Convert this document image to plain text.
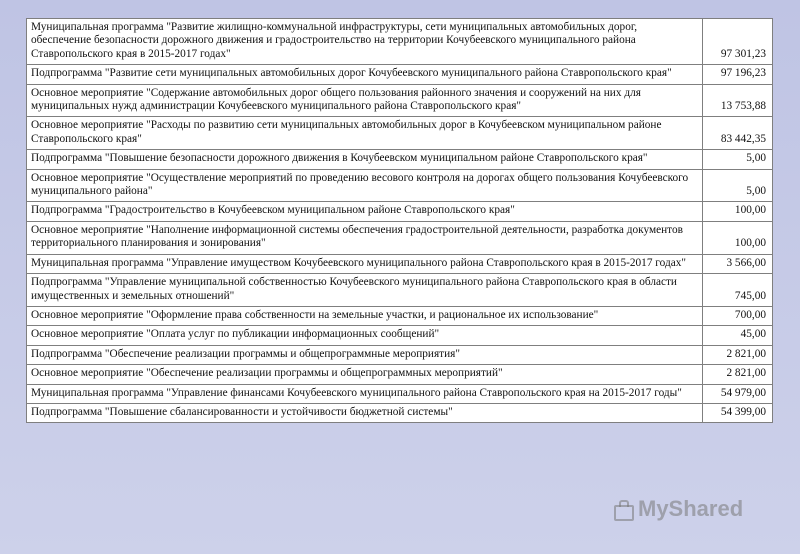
Муниципальная программа "Развитие жилищно-коммунальной инфраструктуры, сети муниципальных автомобильных дорог, обеспечение безопасности дорожного движения и градостроительство на территории Кочубеевского муниципального района Ставропольского края в 2015-2017 годах"	97 301,23
Подпрограмма "Развитие сети муниципальных автомобильных дорог Кочубеевского муниципального района Ставропольского края"	97 196,23
Основное мероприятие "Содержание автомобильных дорог общего пользования районного значения и сооружений на них для муниципальных нужд администрации Кочубеевского муниципального района Ставропольского края"	13 753,88
Основное мероприятие "Расходы по развитию сети муниципальных автомобильных дорог в Кочубеевском муниципальном районе Ставропольского края"	83 442,35
Подпрограмма "Повышение безопасности дорожного движения в Кочубеевском муниципальном районе Ставропольского края"	5,00
Основное мероприятие "Осуществление мероприятий по проведению весового контроля на дорогах общего пользования Кочубеевского муниципального района"	5,00
Подпрограмма "Градостроительство в Кочубеевском муниципальном районе Ставропольского края"	100,00
Основное мероприятие "Наполнение информационной системы обеспечения градостроительной деятельности, разработка документов территориального планирования и зонирования"	100,00
Муниципальная программа "Управление имуществом Кочубеевского муниципального района Ставропольского края в 2015-2017 годах"	3 566,00
Подпрограмма "Управление муниципальной собственностью Кочубеевского муниципального района Ставропольского края в области имущественных и земельных отношений"	745,00
Основное мероприятие "Оформление права собственности на земельные участки, и рациональное их использование"	700,00
Основное мероприятие "Оплата услуг по публикации информационных сообщений"	45,00
Подпрограмма "Обеспечение реализации программы и общепрограммные мероприятия"	2 821,00
Основное мероприятие "Обеспечение реализации программы и общепрограммных мероприятий"	2 821,00
Муниципальная программа "Управление финансами Кочубеевского муниципального района Ставропольского края на 2015-2017 годы"	54 979,00
Подпрограмма "Повышение сбалансированности и устойчивости бюджетной системы"	54 399,00
MyShared
